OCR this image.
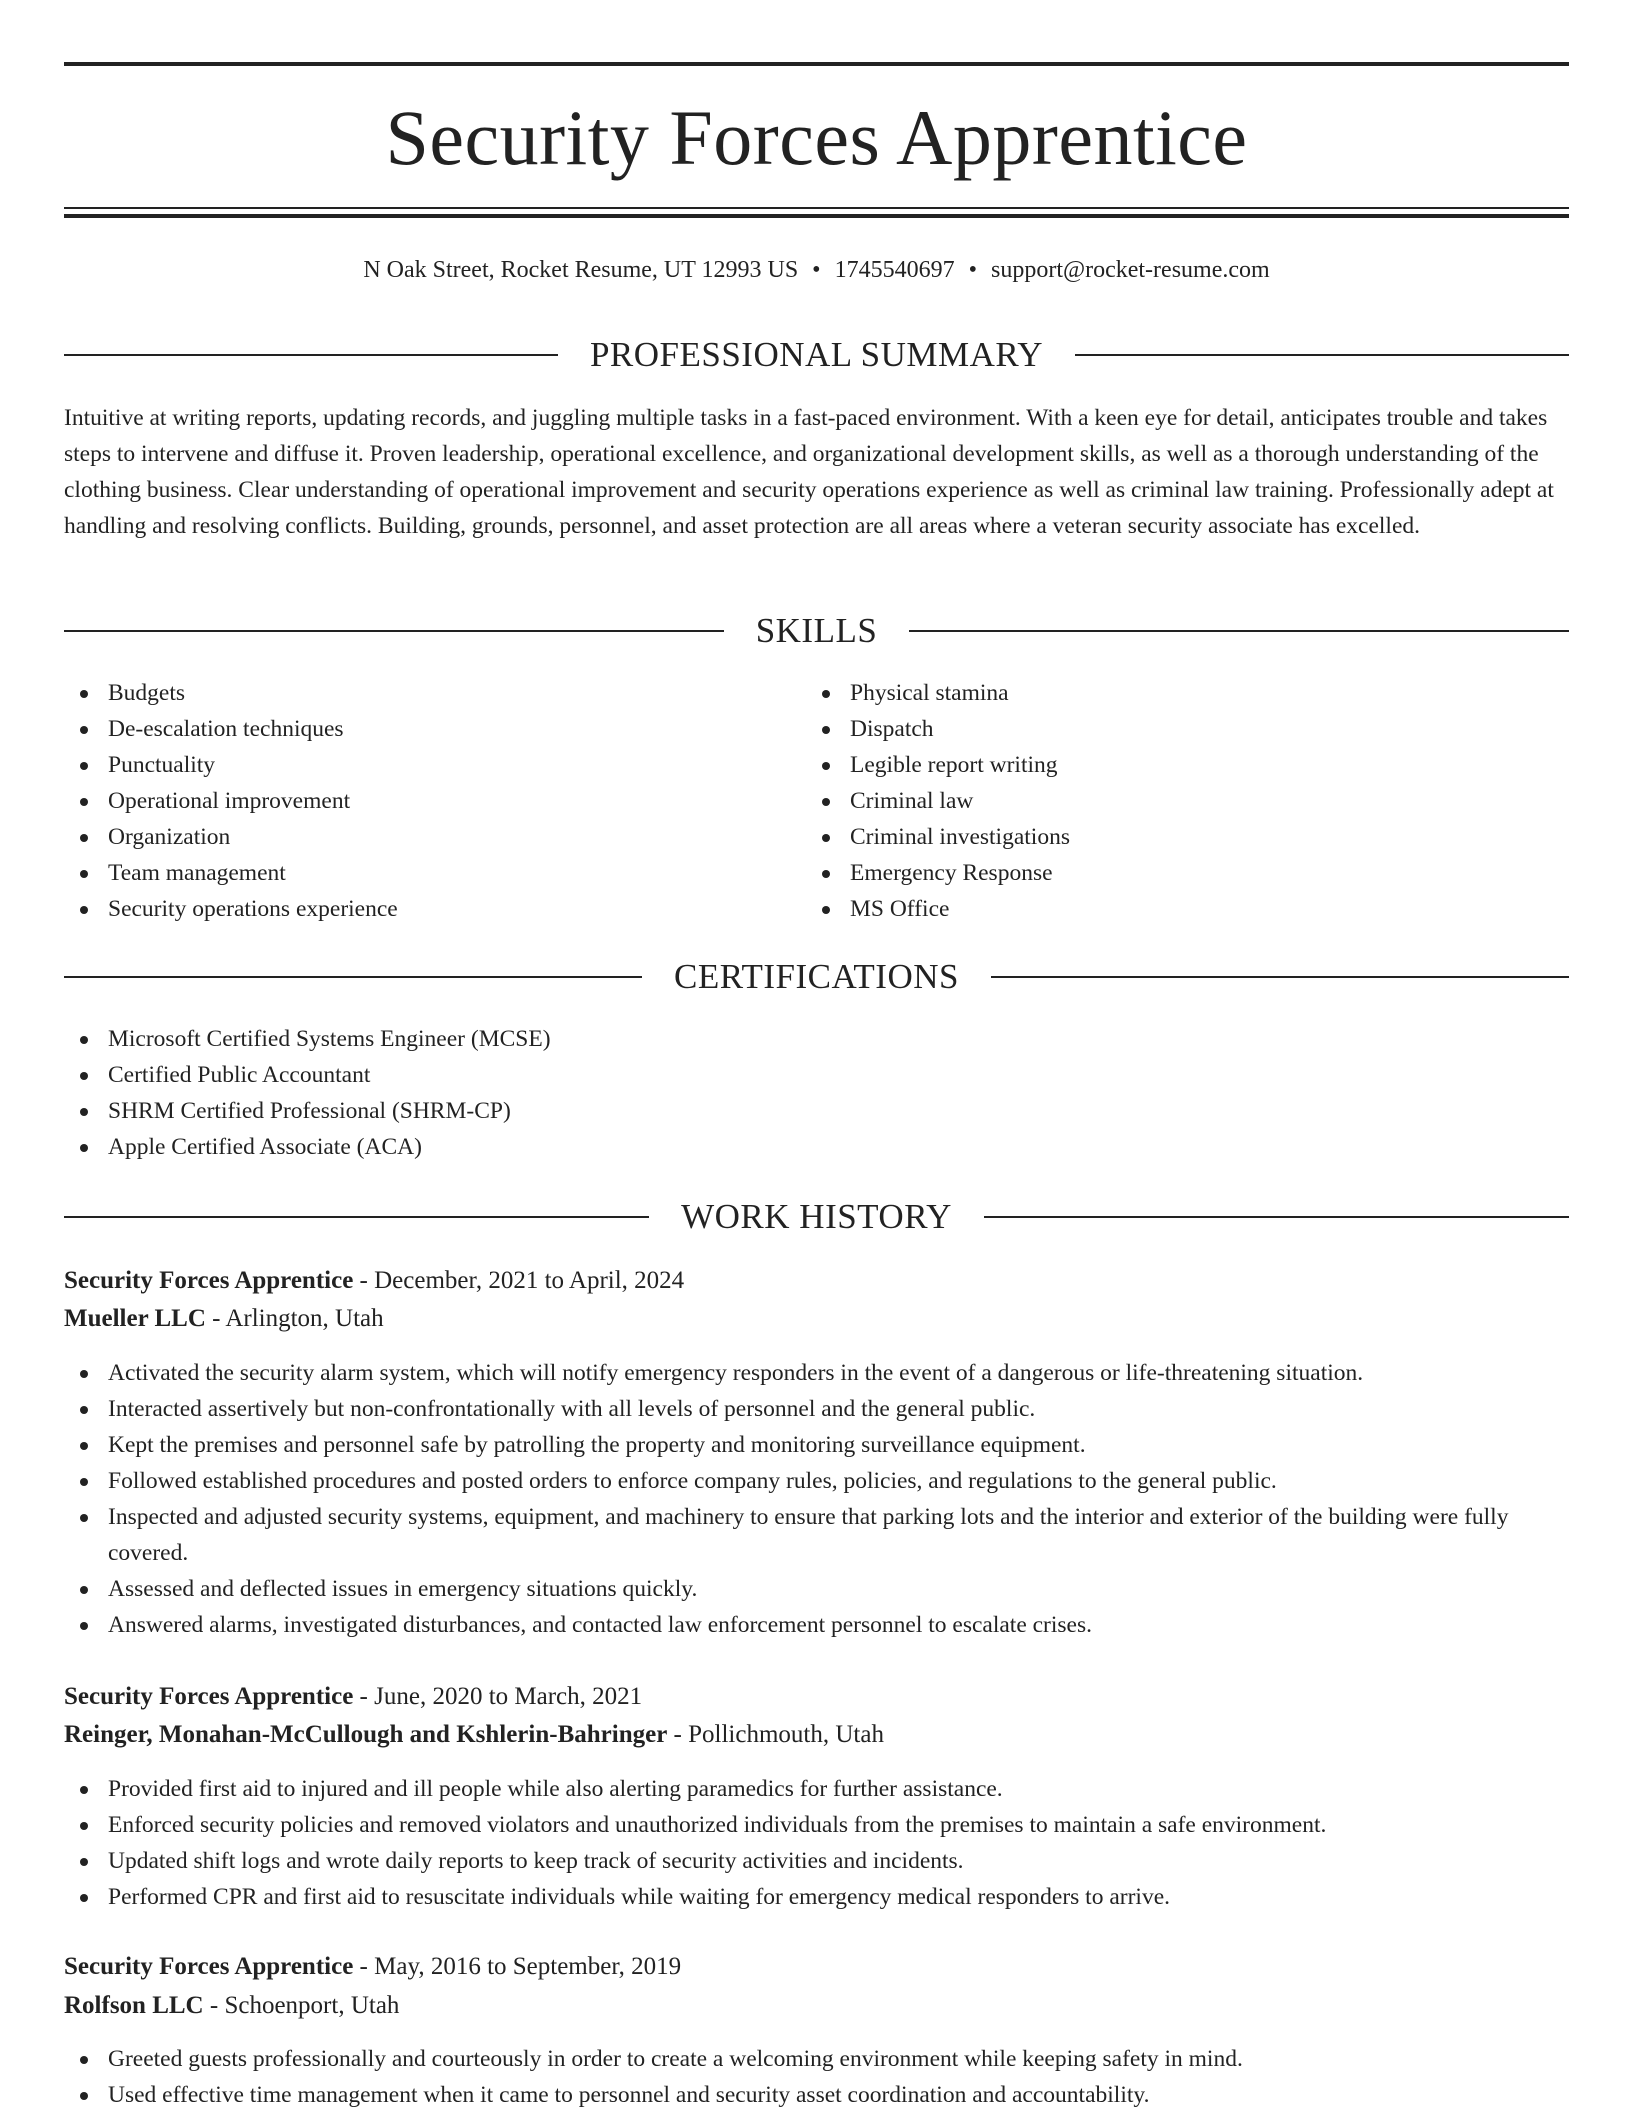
Security Forces Apprentice
N Oak Street, Rocket Resume, UT 12993 US • 1745540697 • support@rocket-resume.com
PROFESSIONAL SUMMARY
Intuitive at writing reports, updating records, and juggling multiple tasks in a fast-paced environment. With a keen eye for detail, anticipates trouble and takes steps to intervene and diffuse it. Proven leadership, operational excellence, and organizational development skills, as well as a thorough understanding of the clothing business. Clear understanding of operational improvement and security operations experience as well as criminal law training. Professionally adept at handling and resolving conflicts. Building, grounds, personnel, and asset protection are all areas where a veteran security associate has excelled.
SKILLS
Budgets
De-escalation techniques
Punctuality
Operational improvement
Organization
Team management
Security operations experience
Physical stamina
Dispatch
Legible report writing
Criminal law
Criminal investigations
Emergency Response
MS Office
CERTIFICATIONS
Microsoft Certified Systems Engineer (MCSE)
Certified Public Accountant
SHRM Certified Professional (SHRM-CP)
Apple Certified Associate (ACA)
WORK HISTORY
Security Forces Apprentice - December, 2021 to April, 2024
Mueller LLC - Arlington, Utah
Activated the security alarm system, which will notify emergency responders in the event of a dangerous or life-threatening situation.
Interacted assertively but non-confrontationally with all levels of personnel and the general public.
Kept the premises and personnel safe by patrolling the property and monitoring surveillance equipment.
Followed established procedures and posted orders to enforce company rules, policies, and regulations to the general public.
Inspected and adjusted security systems, equipment, and machinery to ensure that parking lots and the interior and exterior of the building were fully covered.
Assessed and deflected issues in emergency situations quickly.
Answered alarms, investigated disturbances, and contacted law enforcement personnel to escalate crises.
Security Forces Apprentice - June, 2020 to March, 2021
Reinger, Monahan-McCullough and Kshlerin-Bahringer - Pollichmouth, Utah
Provided first aid to injured and ill people while also alerting paramedics for further assistance.
Enforced security policies and removed violators and unauthorized individuals from the premises to maintain a safe environment.
Updated shift logs and wrote daily reports to keep track of security activities and incidents.
Performed CPR and first aid to resuscitate individuals while waiting for emergency medical responders to arrive.
Security Forces Apprentice - May, 2016 to September, 2019
Rolfson LLC - Schoenport, Utah
Greeted guests professionally and courteously in order to create a welcoming environment while keeping safety in mind.
Used effective time management when it came to personnel and security asset coordination and accountability.
